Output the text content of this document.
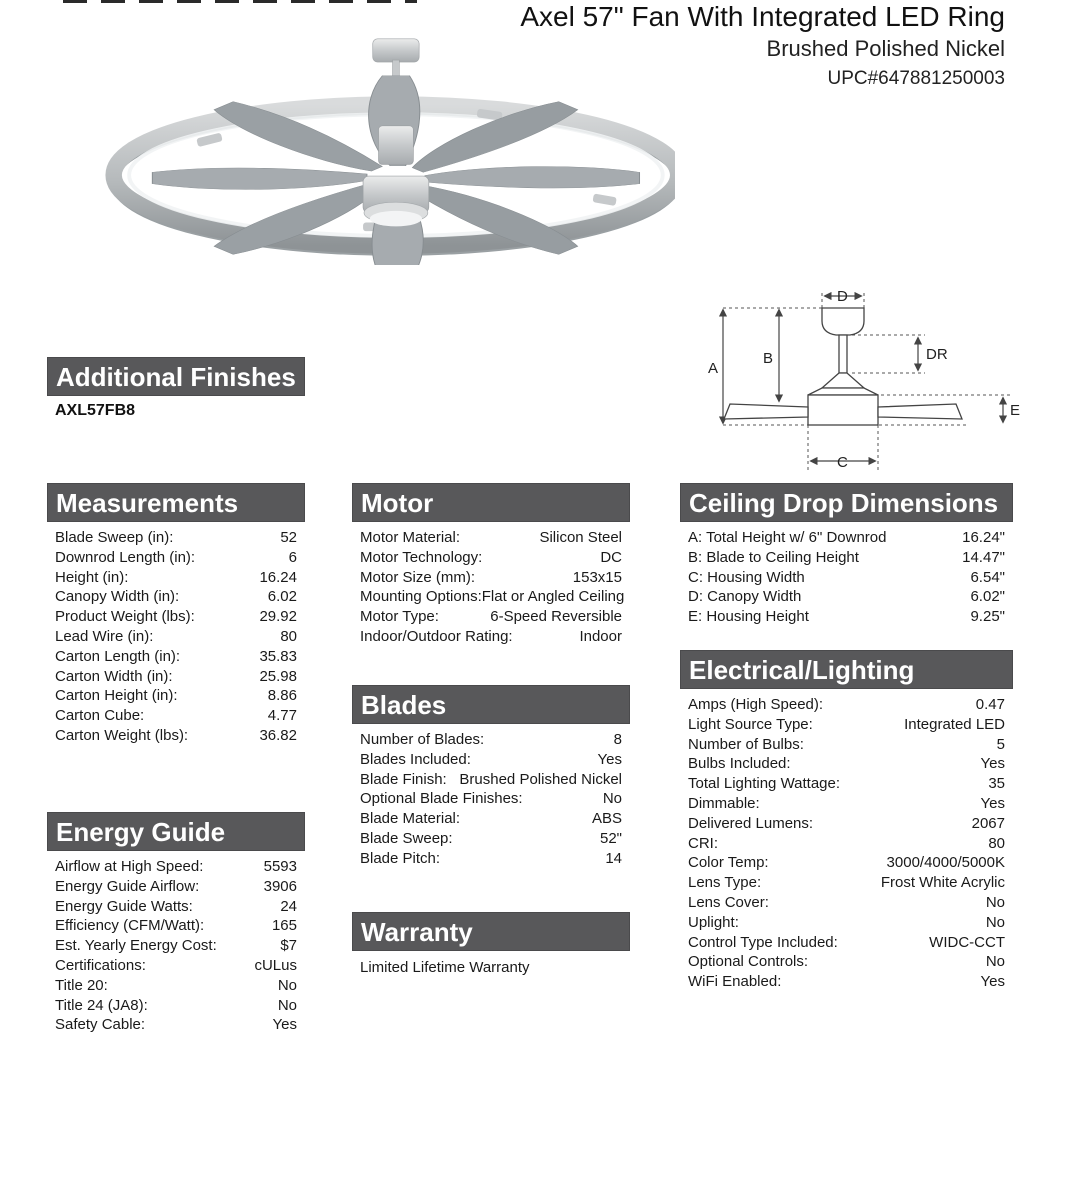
Axel 57" Fan With Integrated LED Ring
Brushed Polished Nickel
UPC#647881250003
A
B
C
D
DR
E
Additional Finishes
AXL57FB8
Measurements
Blade Sweep (in):	52
Downrod Length (in):	6
Height (in):	16.24
Canopy Width (in):	6.02
Product Weight (lbs):	29.92
Lead Wire (in):	80
Carton Length (in):	35.83
Carton Width (in):	25.98
Carton Height (in):	8.86
Carton Cube:	4.77
Carton Weight (lbs):	36.82
Energy Guide
Airflow at High Speed:	5593
Energy Guide Airflow:	3906
Energy Guide Watts:	24
Efficiency (CFM/Watt):	165
Est. Yearly Energy Cost:	$7
Certifications:	cULus
Title 20:	No
Title 24 (JA8):	No
Safety Cable:	Yes
Motor
Motor Material:	Silicon Steel
Motor Technology:	DC
Motor Size (mm):	153x15
Mounting Options: Flat or Angled Ceiling
Motor Type:	6-Speed Reversible
Indoor/Outdoor Rating:	Indoor
Blades
Number of Blades:	8
Blades Included:	Yes
Blade Finish: Brushed Polished Nickel
Optional Blade Finishes:	No
Blade Material:	ABS
Blade Sweep:	52"
Blade Pitch:	14
Warranty
Limited Lifetime Warranty
Ceiling Drop Dimensions
A: Total Height w/ 6" Downrod	16.24"
B: Blade to Ceiling Height	14.47"
C: Housing Width	6.54"
D: Canopy Width	6.02"
E: Housing Height	9.25"
Electrical/Lighting
Amps (High Speed):	0.47
Light Source Type:	Integrated LED
Number of Bulbs:	5
Bulbs Included:	Yes
Total Lighting Wattage:	35
Dimmable:	Yes
Delivered Lumens:	2067
CRI:	80
Color Temp:	3000/4000/5000K
Lens Type:	Frost White Acrylic
Lens Cover:	No
Uplight:	No
Control Type Included:	WIDC-CCT
Optional Controls:	No
WiFi Enabled:	Yes
